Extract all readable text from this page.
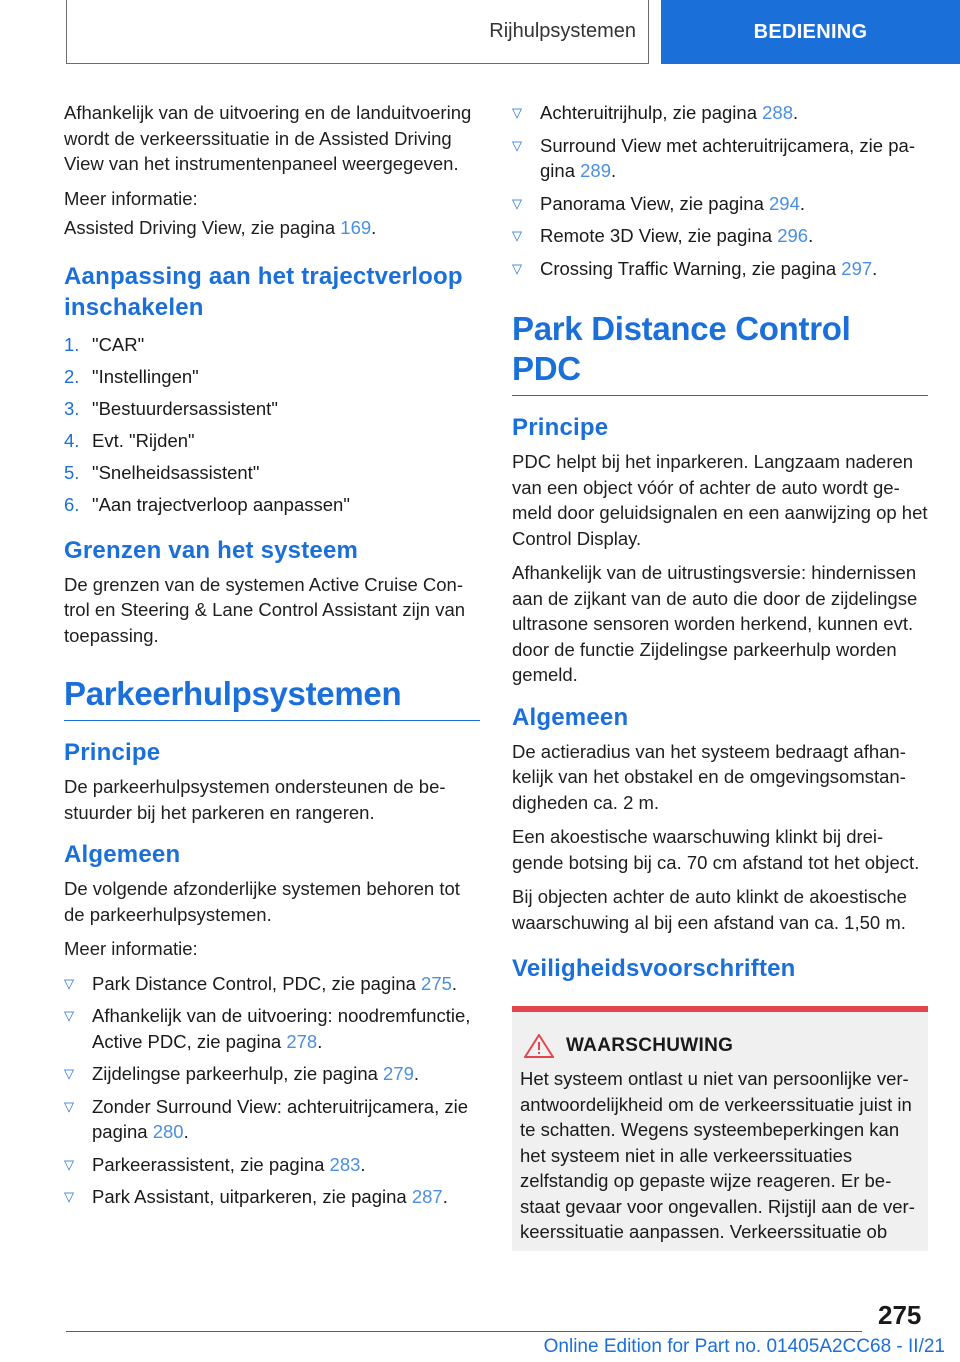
Rijhulpsystemen	BEDIENING

Afhankelijk van de uitvoering en de landuitvoering wordt de verkeerssituatie in de Assisted Driving View van het instrumentenpaneel weergegeven.

Meer informatie:

Assisted Driving View, zie pagina 169.

Aanpassing aan het trajectverloop inschakelen
1. "CAR"
2. "Instellingen"
3. "Bestuurdersassistent"
4. Evt. "Rijden"
5. "Snelheidsassistent"
6. "Aan trajectverloop aanpassen"
Grenzen van het systeem

De grenzen van de systemen Active Cruise Control en Steering & Lane Control Assistant zijn van toepassing.

Parkeerhulpsystemen
Principe

De parkeerhulpsystemen ondersteunen de bestuurder bij het parkeren en rangeren.

Algemeen

De volgende afzonderlijke systemen behoren tot de parkeerhulpsystemen.

Meer informatie:

▽ Park Distance Control, PDC, zie pagina 275.
▽ Afhankelijk van de uitvoering: noodremfunctie, Active PDC, zie pagina 278.
▽ Zijdelingse parkeerhulp, zie pagina 279.
▽ Zonder Surround View: achteruitrijcamera, zie pagina 280.
▽ Parkeerassistent, zie pagina 283.
▽ Park Assistant, uitparkeren, zie pagina 287.
▽ Achteruitrijhulp, zie pagina 288.
▽ Surround View met achteruitrijcamera, zie pagina 289.
▽ Panorama View, zie pagina 294.
▽ Remote 3D View, zie pagina 296.
▽ Crossing Traffic Warning, zie pagina 297.
Park Distance Control PDC
Principe

PDC helpt bij het inparkeren. Langzaam naderen van een object vóór of achter de auto wordt gemeld door geluidsignalen en een aanwijzing op het Control Display.

Afhankelijk van de uitrustingsversie: hindernissen aan de zijkant van de auto die door de zijdelingse ultrasone sensoren worden herkend, kunnen evt. door de functie Zijdelingse parkeerhulp worden gemeld.

Algemeen

De actieradius van het systeem bedraagt afhankelijk van het obstakel en de omgevingsomstandigheden ca. 2 m.

Een akoestische waarschuwing klinkt bij dreigende botsing bij ca. 70 cm afstand tot het object.

Bij objecten achter de auto klinkt de akoestische waarschuwing al bij een afstand van ca. 1,50 m.

Veiligheidsvoorschriften
WAARSCHUWING

Het systeem ontlast u niet van persoonlijke verantwoordelijkheid om de verkeerssituatie juist in te schatten. Wegens systeembeperkingen kan het systeem niet in alle verkeerssituaties zelfstandig op gepaste wijze reageren. Er bestaat gevaar voor ongevallen. Rijstijl aan de verkeerssituatie aanpassen. Verkeerssituatie ob

275
Online Edition for Part no. 01405A2CC68 - II/21
